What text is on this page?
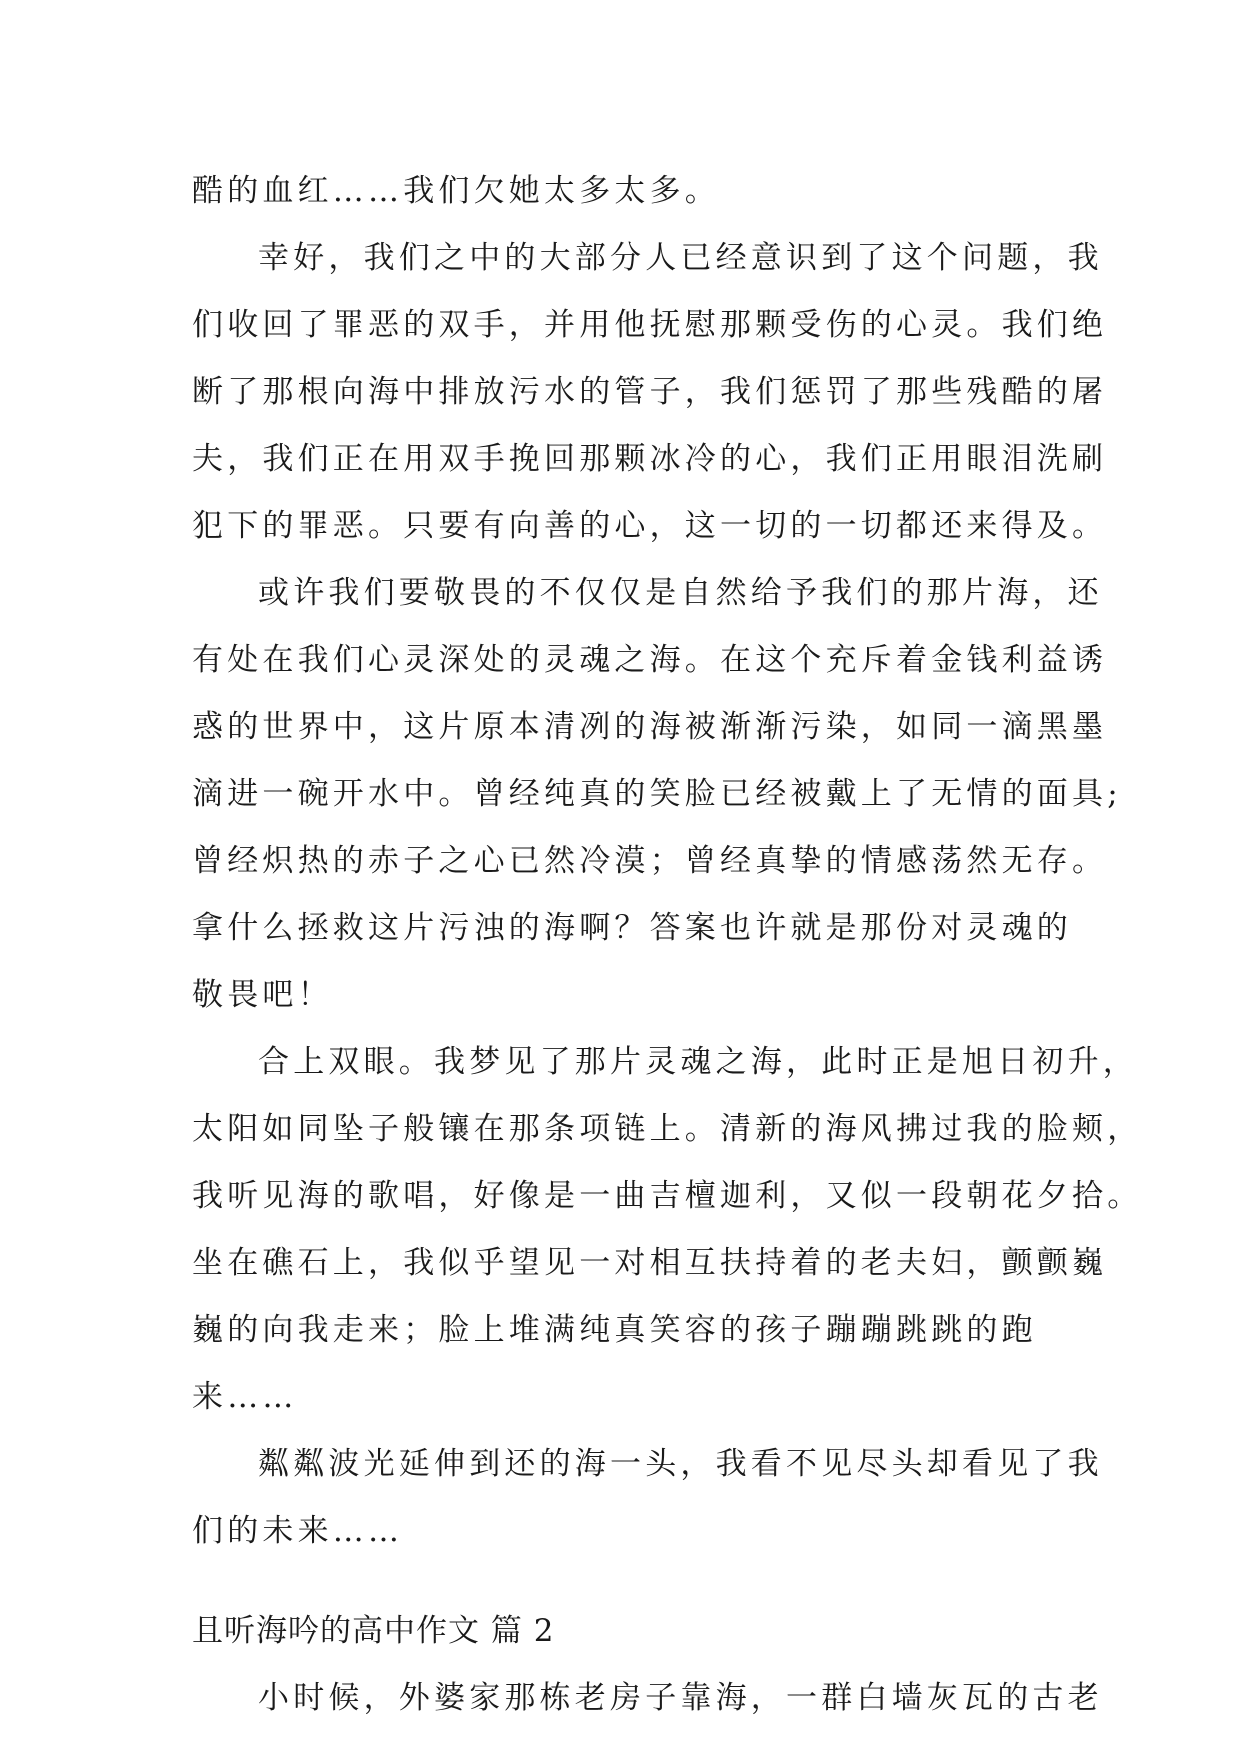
酷的血红……我们欠她太多太多。
幸好，我们之中的大部分人已经意识到了这个问题，我
们收回了罪恶的双手，并用他抚慰那颗受伤的心灵。我们绝
断了那根向海中排放污水的管子，我们惩罚了那些残酷的屠
夫，我们正在用双手挽回那颗冰冷的心，我们正用眼泪洗刷
犯下的罪恶。只要有向善的心，这一切的一切都还来得及。
或许我们要敬畏的不仅仅是自然给予我们的那片海，还
有处在我们心灵深处的灵魂之海。在这个充斥着金钱利益诱
惑的世界中，这片原本清冽的海被渐渐污染，如同一滴黑墨
滴进一碗开水中。曾经纯真的笑脸已经被戴上了无情的面具;
曾经炽热的赤子之心已然冷漠；曾经真挚的情感荡然无存。
拿什么拯救这片污浊的海啊？答案也许就是那份对灵魂的
敬畏吧！
合上双眼。我梦见了那片灵魂之海，此时正是旭日初升，
太阳如同坠子般镶在那条项链上。清新的海风拂过我的脸颊，
我听见海的歌唱，好像是一曲吉檀迦利，又似一段朝花夕拾。
坐在礁石上，我似乎望见一对相互扶持着的老夫妇，颤颤巍
巍的向我走来；脸上堆满纯真笑容的孩子蹦蹦跳跳的跑
来……
粼粼波光延伸到还的海一头，我看不见尽头却看见了我
们的未来……
且听海吟的高中作文 篇 2
小时候，外婆家那栋老房子靠海，一群白墙灰瓦的古老
